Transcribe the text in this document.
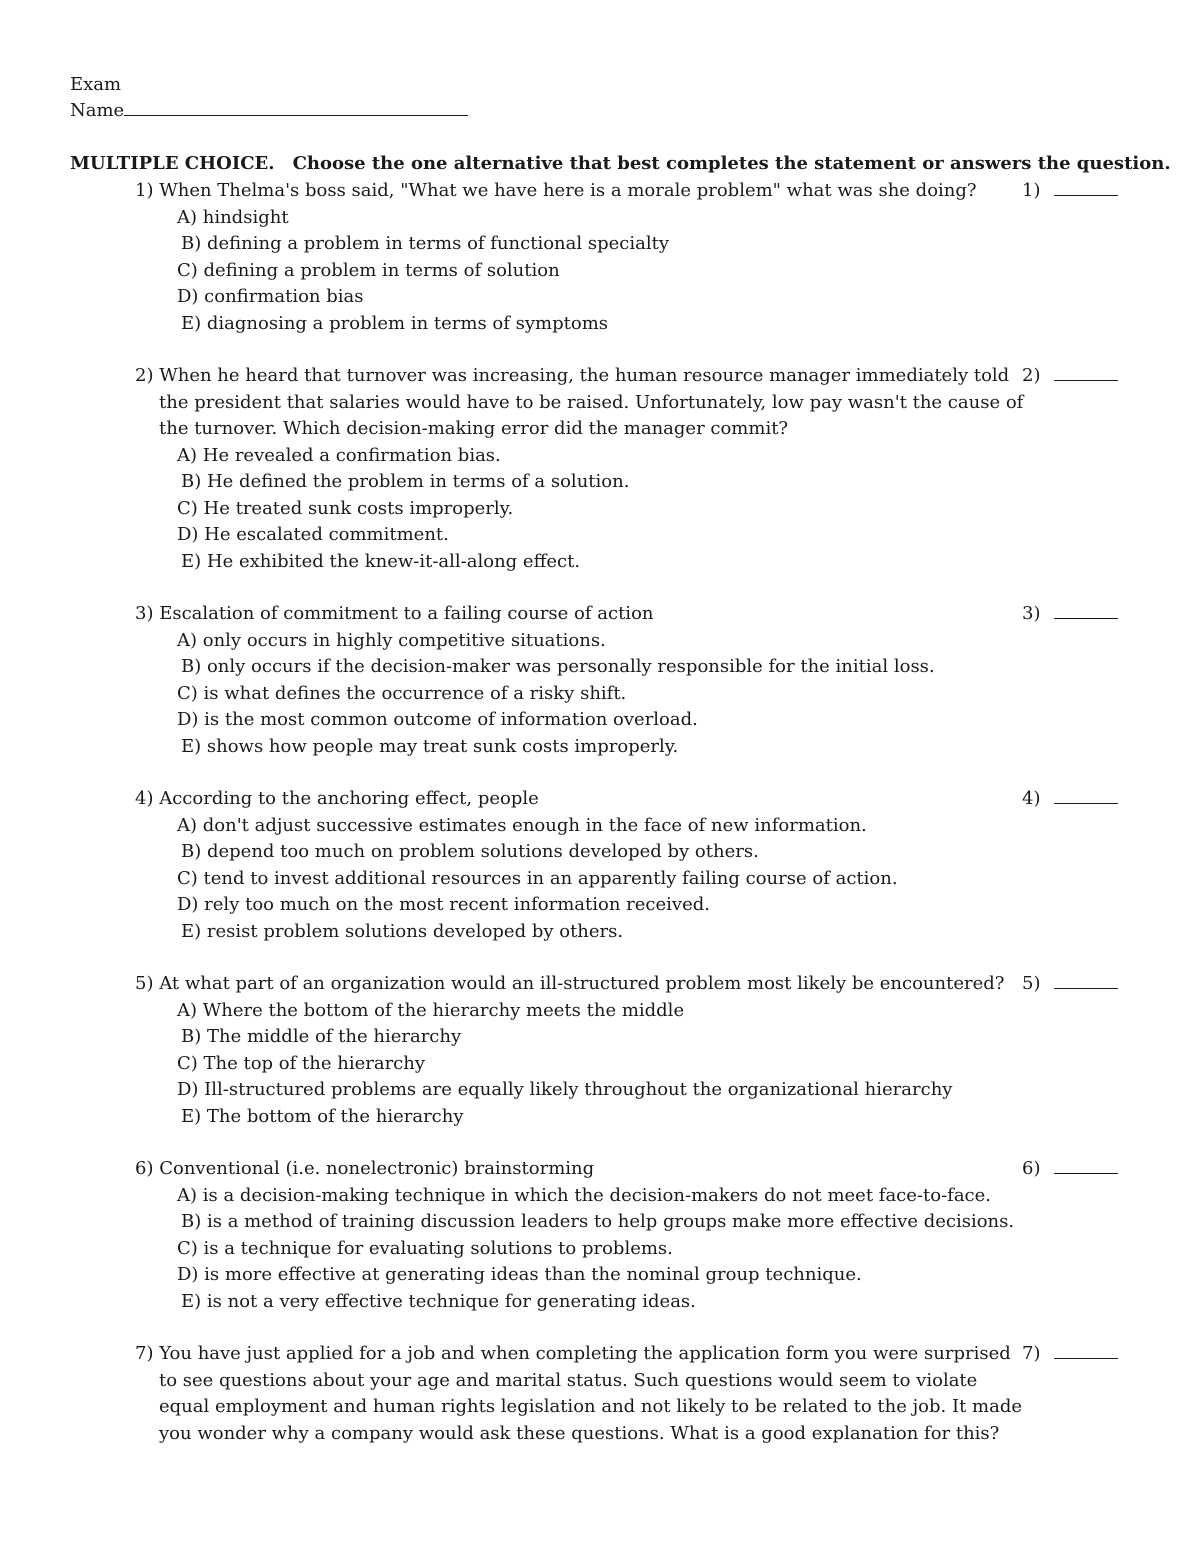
Exam
Name
MULTIPLE CHOICE. Choose the one alternative that best completes the statement or answers the question.
1) When Thelma's boss said, "What we have here is a morale problem" what was she doing?	1)
A) hindsight
B) defining a problem in terms of functional specialty
C) defining a problem in terms of solution
D) confirmation bias
E) diagnosing a problem in terms of symptoms
2) When he heard that turnover was increasing, the human resource manager immediately told the president that salaries would have to be raised. Unfortunately, low pay wasn't the cause of the turnover. Which decision-making error did the manager commit?
2)
A) He revealed a confirmation bias.
B) He defined the problem in terms of a solution.
C) He treated sunk costs improperly.
D) He escalated commitment.
E) He exhibited the knew-it-all-along effect.
3) Escalation of commitment to a failing course of action	3)
A) only occurs in highly competitive situations.
B) only occurs if the decision-maker was personally responsible for the initial loss.
C) is what defines the occurrence of a risky shift.
D) is the most common outcome of information overload.
E) shows how people may treat sunk costs improperly.
4) According to the anchoring effect, people	4)
A) don't adjust successive estimates enough in the face of new information.
B) depend too much on problem solutions developed by others.
C) tend to invest additional resources in an apparently failing course of action.
D) rely too much on the most recent information received.
E) resist problem solutions developed by others.
5) At what part of an organization would an ill-structured problem most likely be encountered? 5)
A) Where the bottom of the hierarchy meets the middle
B) The middle of the hierarchy
C) The top of the hierarchy
D) Ill-structured problems are equally likely throughout the organizational hierarchy
E) The bottom of the hierarchy
6) Conventional (i.e. nonelectronic) brainstorming	6)
A) is a decision-making technique in which the decision-makers do not meet face-to-face.
B) is a method of training discussion leaders to help groups make more effective decisions.
C) is a technique for evaluating solutions to problems.
D) is more effective at generating ideas than the nominal group technique.
E) is not a very effective technique for generating ideas.
7) You have just applied for a job and when completing the application form you were surprised to see questions about your age and marital status. Such questions would seem to violate equal employment and human rights legislation and not likely to be related to the job. It made you wonder why a company would ask these questions. What is a good explanation for this?
7)
